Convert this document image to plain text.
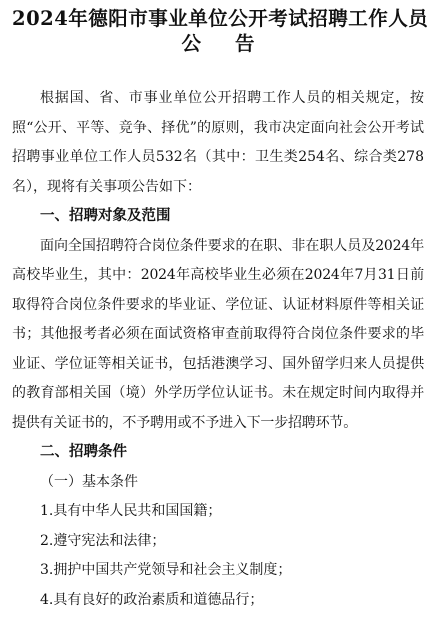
2024年德阳市事业单位公开考试招聘工作人员
公告

根据国、省、市事业单位公开招聘工作人员的相关规定，按照“公开、平等、竞争、择优”的原则，我市决定面向社会公开考试招聘事业单位工作人员532名（其中：卫生类254名、综合类278名），现将有关事项公告如下：

一、招聘对象及范围

面向全国招聘符合岗位条件要求的在职、非在职人员及2024年高校毕业生，其中：2024年高校毕业生必须在2024年7月31日前取得符合岗位条件要求的毕业证、学位证、认证材料原件等相关证书；其他报考者必须在面试资格审查前取得符合岗位条件要求的毕业证、学位证等相关证书，包括港澳学习、国外留学归来人员提供的教育部相关国（境）外学历学位认证书。未在规定时间内取得并提供有关证书的，不予聘用或不予进入下一步招聘环节。

二、招聘条件

（一）基本条件

1.具有中华人民共和国国籍；

2.遵守宪法和法律；

3.拥护中国共产党领导和社会主义制度；

4.具有良好的政治素质和道德品行；
